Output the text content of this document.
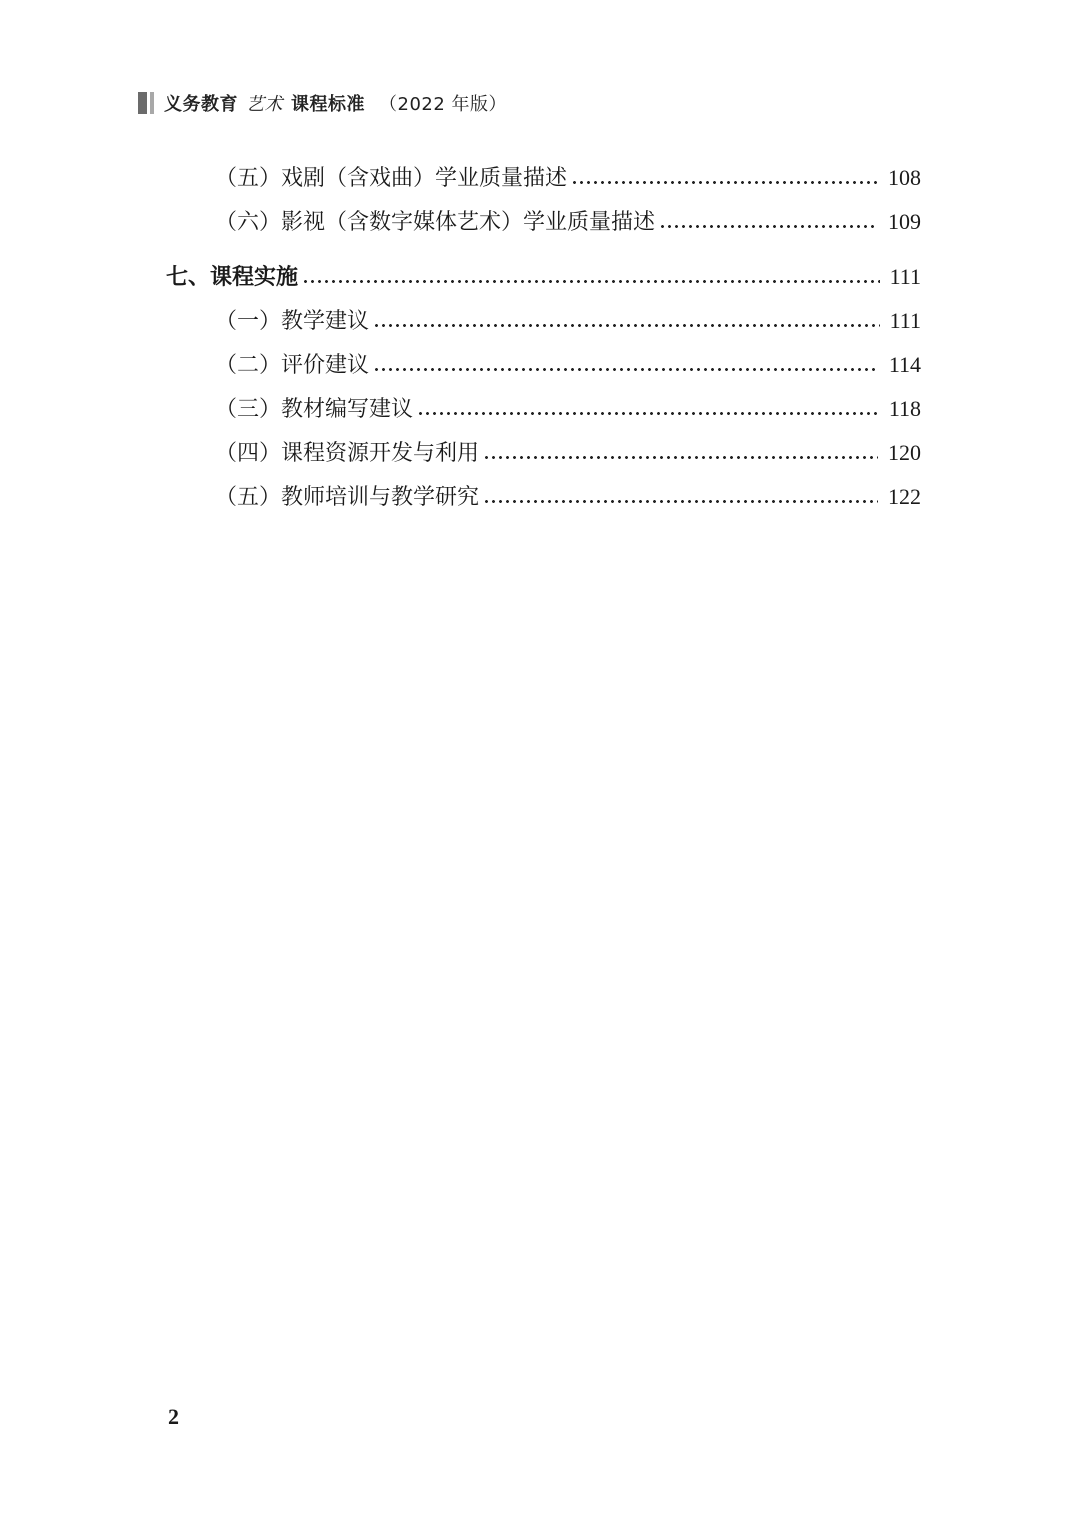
义务教育 艺术 课程标准 （2022 年版）
（五）戏剧（含戏曲）学业质量描述	108
（六）影视（含数字媒体艺术）学业质量描述	109
七、课程实施	111
（一）教学建议	111
（二）评价建议	114
（三）教材编写建议	118
（四）课程资源开发与利用	120
（五）教师培训与教学研究	122
2
